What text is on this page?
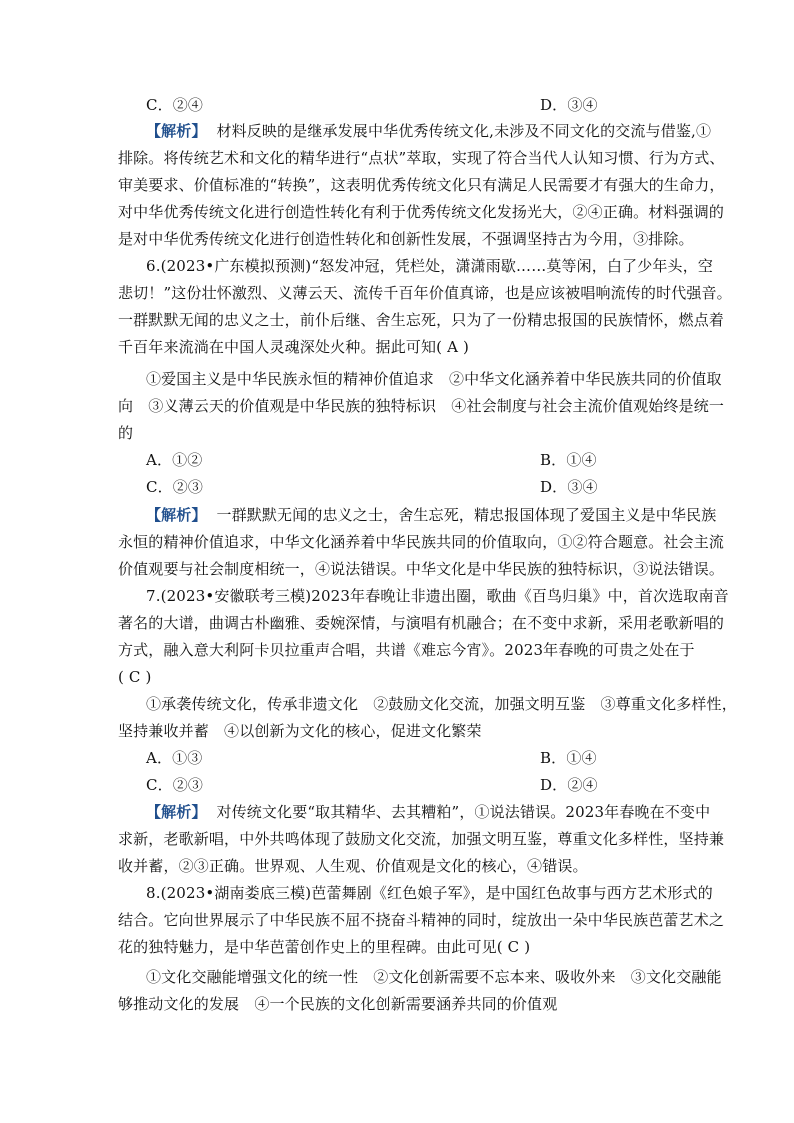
C．②④	D．③④
【解析】 材料反映的是继承发展中华优秀传统文化,未涉及不同文化的交流与借鉴,①
排除。将传统艺术和文化的精华进行“点状”萃取，实现了符合当代人认知习惯、行为方式、
审美要求、价值标准的“转换”，这表明优秀传统文化只有满足人民需要才有强大的生命力，
对中华优秀传统文化进行创造性转化有利于优秀传统文化发扬光大，②④正确。材料强调的
是对中华优秀传统文化进行创造性转化和创新性发展，不强调坚持古为今用，③排除。
6.(2023•广东模拟预测)“怒发冲冠，凭栏处，潇潇雨歇……莫等闲，白了少年头，空
悲切！”这份壮怀激烈、义薄云天、流传千百年价值真谛，也是应该被唱响流传的时代强音。
一群默默无闻的忠义之士，前仆后继、舍生忘死，只为了一份精忠报国的民族情怀，燃点着
千百年来流淌在中国人灵魂深处火种。据此可知( A )
①爱国主义是中华民族永恒的精神价值追求　②中华文化涵养着中华民族共同的价值取
向　③义薄云天的价值观是中华民族的独特标识　④社会制度与社会主流价值观始终是统一
的
A．①②	B．①④
C．②③	D．③④
【解析】 一群默默无闻的忠义之士，舍生忘死，精忠报国体现了爱国主义是中华民族
永恒的精神价值追求，中华文化涵养着中华民族共同的价值取向，①②符合题意。社会主流
价值观要与社会制度相统一，④说法错误。中华文化是中华民族的独特标识，③说法错误。
7.(2023•安徽联考三模)2023年春晚让非遗出圈，歌曲《百鸟归巢》中，首次选取南音
著名的大谱，曲调古朴幽雅、委婉深情，与演唱有机融合；在不变中求新，采用老歌新唱的
方式，融入意大利阿卡贝拉重声合唱，共谱《难忘今宵》。2023年春晚的可贵之处在于
( C )
①承袭传统文化，传承非遗文化　②鼓励文化交流，加强文明互鉴　③尊重文化多样性，
坚持兼收并蓄　④以创新为文化的核心，促进文化繁荣
A．①③	B．①④
C．②③	D．②④
【解析】 对传统文化要“取其精华、去其糟粕”，①说法错误。2023年春晚在不变中
求新，老歌新唱，中外共鸣体现了鼓励文化交流，加强文明互鉴，尊重文化多样性，坚持兼
收并蓄，②③正确。世界观、人生观、价值观是文化的核心，④错误。
8.(2023•湖南娄底三模)芭蕾舞剧《红色娘子军》，是中国红色故事与西方艺术形式的
结合。它向世界展示了中华民族不屈不挠奋斗精神的同时，绽放出一朵中华民族芭蕾艺术之
花的独特魅力，是中华芭蕾创作史上的里程碑。由此可见( C )
①文化交融能增强文化的统一性　②文化创新需要不忘本来、吸收外来　③文化交融能
够推动文化的发展　④一个民族的文化创新需要涵养共同的价值观
